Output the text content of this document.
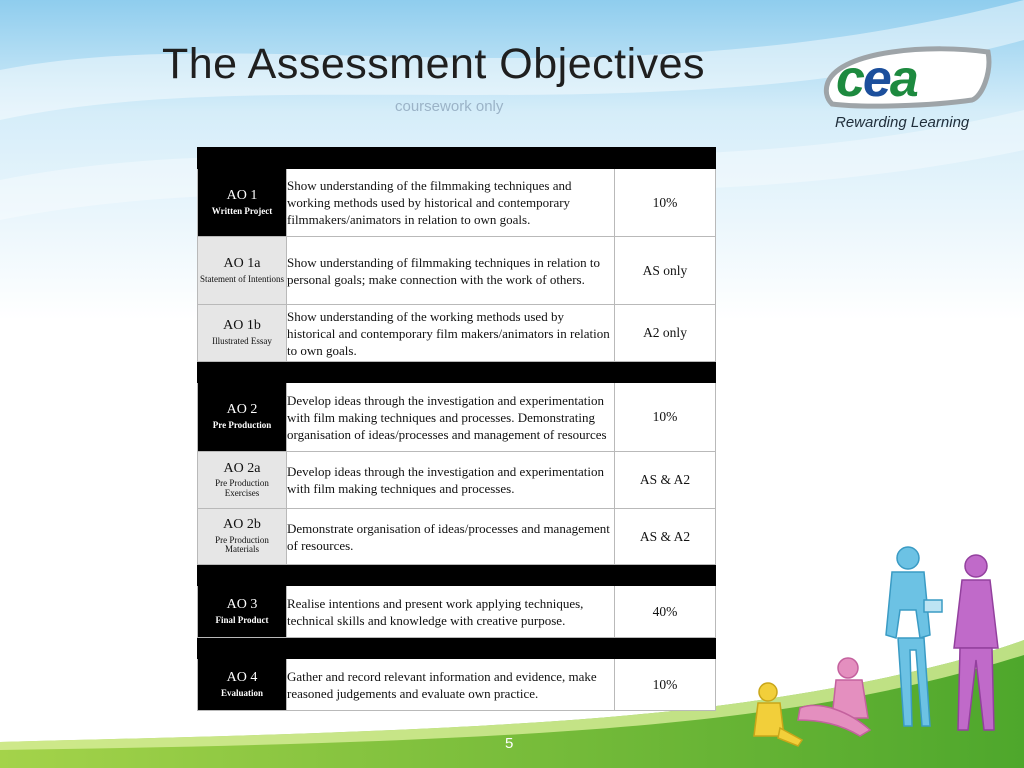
The Assessment Objectives
coursework only	cea
Rewarding Learning

AO 1
Written Project	Show understanding of the filmmaking techniques and working methods used by historical and contemporary filmmakers/animators in relation to own goals.	10%

AO 1a
Statement of Intentions	Show understanding of filmmaking techniques in relation to personal goals; make connection with the work of others.	AS only

AO 1b
Illustrated Essay	Show understanding of the working methods used by historical and contemporary film makers/animators in relation to own goals.	A2 only

AO 2
Pre Production	Develop ideas through the investigation and experimentation with film making techniques and processes. Demonstrating organisation of ideas/processes and management of resources	10%

AO 2a
Pre Production Exercises	Develop ideas through the investigation and experimentation with film making techniques and processes.	AS & A2

AO 2b
Pre Production Materials	Demonstrate organisation of ideas/processes and management of resources.	AS & A2

AO 3
Final Product	Realise intentions and present work applying techniques, technical skills and knowledge with creative purpose.	40%

AO 4
Evaluation	Gather and record relevant information and evidence, make reasoned judgements and evaluate own practice.	10%
5
